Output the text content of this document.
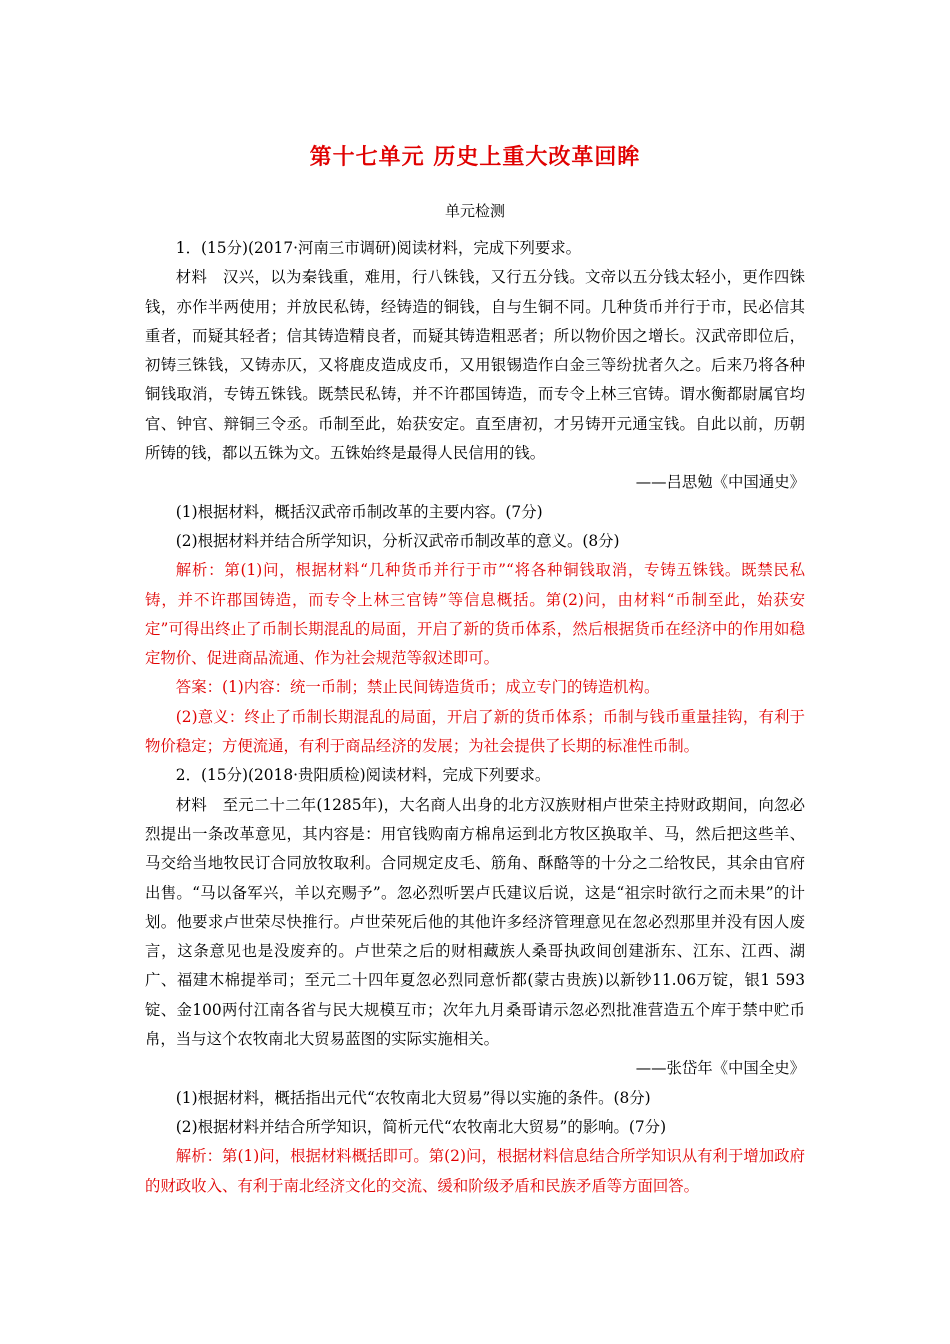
第十七单元 历史上重大改革回眸
单元检测

1．(15分)(2017·河南三市调研)阅读材料，完成下列要求。

材料　汉兴，以为秦钱重，难用，行八铢钱，又行五分钱。文帝以五分钱太轻小，更作四铢钱，亦作半两使用；并放民私铸，经铸造的铜钱，自与生铜不同。几种货币并行于市，民必信其重者，而疑其轻者；信其铸造精良者，而疑其铸造粗恶者；所以物价因之增长。汉武帝即位后，初铸三铢钱，又铸赤仄，又将鹿皮造成皮币，又用银锡造作白金三等纷扰者久之。后来乃将各种铜钱取消，专铸五铢钱。既禁民私铸，并不许郡国铸造，而专令上林三官铸。谓水衡都尉属官均官、钟官、辩铜三令丞。币制至此，始获安定。直至唐初，才另铸开元通宝钱。自此以前，历朝所铸的钱，都以五铢为文。五铢始终是最得人民信用的钱。

——吕思勉《中国通史》

(1)根据材料，概括汉武帝币制改革的主要内容。(7分)

(2)根据材料并结合所学知识，分析汉武帝币制改革的意义。(8分)

解析：第(1)问，根据材料“几种货币并行于市”“将各种铜钱取消，专铸五铢钱。既禁民私铸，并不许郡国铸造，而专令上林三官铸”等信息概括。第(2)问，由材料“币制至此，始获安定”可得出终止了币制长期混乱的局面，开启了新的货币体系，然后根据货币在经济中的作用如稳定物价、促进商品流通、作为社会规范等叙述即可。

答案：(1)内容：统一币制；禁止民间铸造货币；成立专门的铸造机构。

(2)意义：终止了币制长期混乱的局面，开启了新的货币体系；币制与钱币重量挂钩，有利于物价稳定；方便流通，有利于商品经济的发展；为社会提供了长期的标准性币制。

2．(15分)(2018·贵阳质检)阅读材料，完成下列要求。

材料　至元二十二年(1285年)，大名商人出身的北方汉族财相卢世荣主持财政期间，向忽必烈提出一条改革意见，其内容是：用官钱购南方棉帛运到北方牧区换取羊、马，然后把这些羊、马交给当地牧民订合同放牧取利。合同规定皮毛、筋角、酥酪等的十分之二给牧民，其余由官府出售。“马以备军兴，羊以充赐予”。忽必烈听罢卢氏建议后说，这是“祖宗时欲行之而未果”的计划。他要求卢世荣尽快推行。卢世荣死后他的其他许多经济管理意见在忽必烈那里并没有因人废言，这条意见也是没废弃的。卢世荣之后的财相藏族人桑哥执政间创建浙东、江东、江西、湖广、福建木棉提举司；至元二十四年夏忽必烈同意忻都(蒙古贵族)以新钞11.06万锭，银1 593锭、金100两付江南各省与民大规模互市；次年九月桑哥请示忽必烈批准营造五个库于禁中贮币帛，当与这个农牧南北大贸易蓝图的实际实施相关。

——张岱年《中国全史》

(1)根据材料，概括指出元代“农牧南北大贸易”得以实施的条件。(8分)

(2)根据材料并结合所学知识，简析元代“农牧南北大贸易”的影响。(7分)

解析：第(1)问，根据材料概括即可。第(2)问，根据材料信息结合所学知识从有利于增加政府的财政收入、有利于南北经济文化的交流、缓和阶级矛盾和民族矛盾等方面回答。
